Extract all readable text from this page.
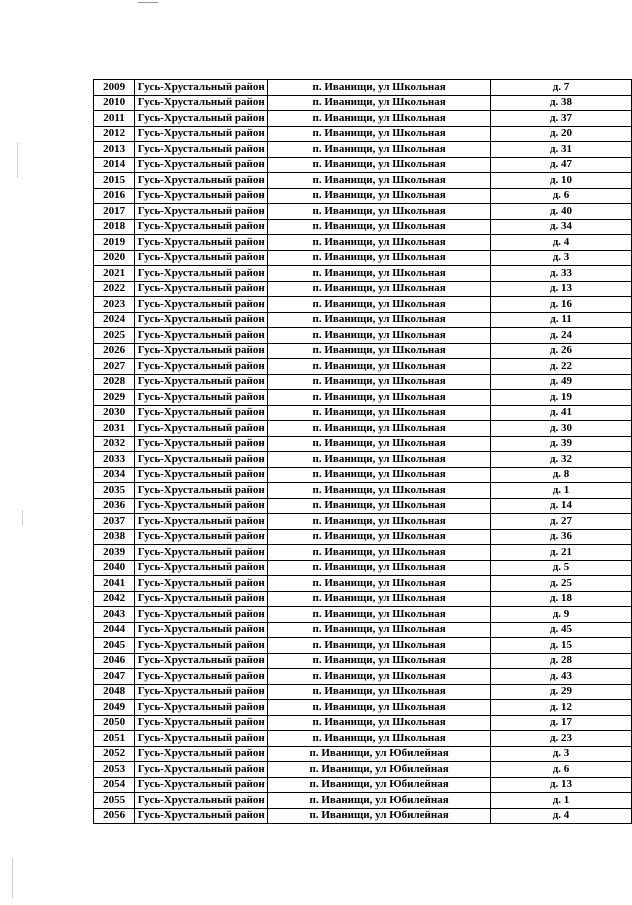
2009	Гусь-Хрустальный район	п. Иванищи, ул Школьная	д. 7
2010	Гусь-Хрустальный район	п. Иванищи, ул Школьная	д. 38
2011	Гусь-Хрустальный район	п. Иванищи, ул Школьная	д. 37
2012	Гусь-Хрустальный район	п. Иванищи, ул Школьная	д. 20
2013	Гусь-Хрустальный район	п. Иванищи, ул Школьная	д. 31
2014	Гусь-Хрустальный район	п. Иванищи, ул Школьная	д. 47
2015	Гусь-Хрустальный район	п. Иванищи, ул Школьная	д. 10
2016	Гусь-Хрустальный район	п. Иванищи, ул Школьная	д. 6
2017	Гусь-Хрустальный район	п. Иванищи, ул Школьная	д. 40
2018	Гусь-Хрустальный район	п. Иванищи, ул Школьная	д. 34
2019	Гусь-Хрустальный район	п. Иванищи, ул Школьная	д. 4
2020	Гусь-Хрустальный район	п. Иванищи, ул Школьная	д. 3
2021	Гусь-Хрустальный район	п. Иванищи, ул Школьная	д. 33
2022	Гусь-Хрустальный район	п. Иванищи, ул Школьная	д. 13
2023	Гусь-Хрустальный район	п. Иванищи, ул Школьная	д. 16
2024	Гусь-Хрустальный район	п. Иванищи, ул Школьная	д. 11
2025	Гусь-Хрустальный район	п. Иванищи, ул Школьная	д. 24
2026	Гусь-Хрустальный район	п. Иванищи, ул Школьная	д. 26
2027	Гусь-Хрустальный район	п. Иванищи, ул Школьная	д. 22
2028	Гусь-Хрустальный район	п. Иванищи, ул Школьная	д. 49
2029	Гусь-Хрустальный район	п. Иванищи, ул Школьная	д. 19
2030	Гусь-Хрустальный район	п. Иванищи, ул Школьная	д. 41
2031	Гусь-Хрустальный район	п. Иванищи, ул Школьная	д. 30
2032	Гусь-Хрустальный район	п. Иванищи, ул Школьная	д. 39
2033	Гусь-Хрустальный район	п. Иванищи, ул Школьная	д. 32
2034	Гусь-Хрустальный район	п. Иванищи, ул Школьная	д. 8
2035	Гусь-Хрустальный район	п. Иванищи, ул Школьная	д. 1
2036	Гусь-Хрустальный район	п. Иванищи, ул Школьная	д. 14
2037	Гусь-Хрустальный район	п. Иванищи, ул Школьная	д. 27
2038	Гусь-Хрустальный район	п. Иванищи, ул Школьная	д. 36
2039	Гусь-Хрустальный район	п. Иванищи, ул Школьная	д. 21
2040	Гусь-Хрустальный район	п. Иванищи, ул Школьная	д. 5
2041	Гусь-Хрустальный район	п. Иванищи, ул Школьная	д. 25
2042	Гусь-Хрустальный район	п. Иванищи, ул Школьная	д. 18
2043	Гусь-Хрустальный район	п. Иванищи, ул Школьная	д. 9
2044	Гусь-Хрустальный район	п. Иванищи, ул Школьная	д. 45
2045	Гусь-Хрустальный район	п. Иванищи, ул Школьная	д. 15
2046	Гусь-Хрустальный район	п. Иванищи, ул Школьная	д. 28
2047	Гусь-Хрустальный район	п. Иванищи, ул Школьная	д. 43
2048	Гусь-Хрустальный район	п. Иванищи, ул Школьная	д. 29
2049	Гусь-Хрустальный район	п. Иванищи, ул Школьная	д. 12
2050	Гусь-Хрустальный район	п. Иванищи, ул Школьная	д. 17
2051	Гусь-Хрустальный район	п. Иванищи, ул Школьная	д. 23
2052	Гусь-Хрустальный район	п. Иванищи, ул Юбилейная	д. 3
2053	Гусь-Хрустальный район	п. Иванищи, ул Юбилейная	д. 6
2054	Гусь-Хрустальный район	п. Иванищи, ул Юбилейная	д. 13
2055	Гусь-Хрустальный район	п. Иванищи, ул Юбилейная	д. 1
2056	Гусь-Хрустальный район	п. Иванищи, ул Юбилейная	д. 4
